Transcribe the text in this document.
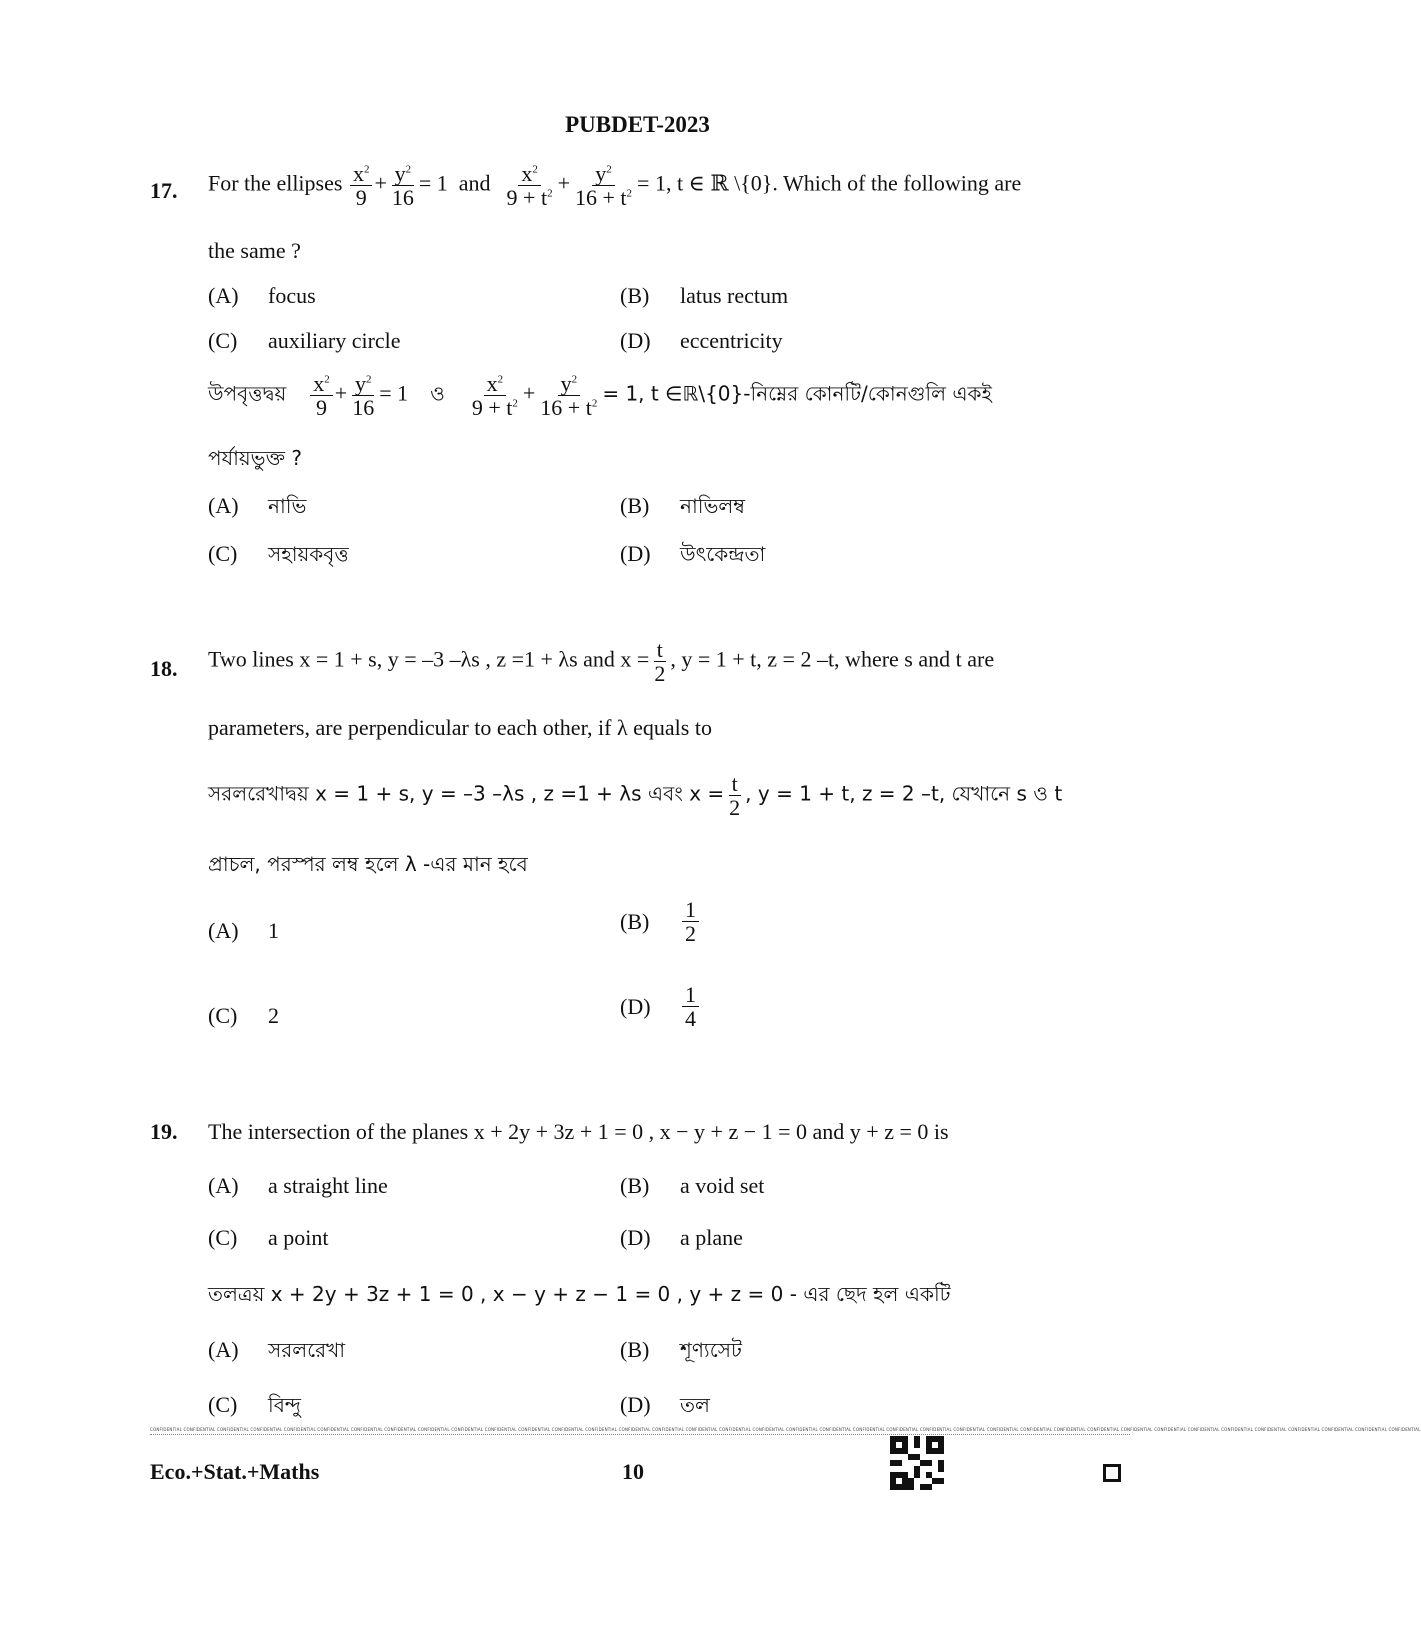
PUBDET-2023
17. For the ellipses $\frac{x^2}{9} + \frac{y^2}{16} = 1$ and $\frac{x^2}{9 + t^2} + \frac{y^2}{16 + t^2} = 1$, t ∈ ℝ \{0}. Which of the following are
the same ?
(A) focus	(B) latus rectum
(C) auxiliary circle	(D) eccentricity
উপবৃত্তদ্বয় $\frac{x^2}{9} + \frac{y^2}{16} = 1$ ও $\frac{x^2}{9 + t^2} + \frac{y^2}{16 + t^2} = 1$, t ∈ℝ\{0}-নিম্নের কোনটি/কোনগুলি একই
পর্যায়ভুক্ত ?
(A) নাভি	(B) নাভিলম্ব
(C) সহায়কবৃত্ত	(D) উৎকেন্দ্রতা
18. Two lines x = 1 + s, y = –3 –λs , z =1 + λs and $x = \frac{t}{2}$ , y = 1 + t, z = 2 –t, where s and t are
parameters, are perpendicular to each other, if λ equals to
সরলরেখাদ্বয় x = 1 + s, y = –3 –λs , z =1 + λs এবং $x = \frac{t}{2}$ , y = 1 + t, z = 2 –t, যেখানে s ও t
প্রাচল, পরস্পর লম্ব হলে λ -এর মান হবে
(A) 1	$(B) \frac{1}{2}$
(C) 2	$(D) \frac{1}{4}$
19. The intersection of the planes x + 2y + 3z + 1 = 0 , x − y + z − 1 = 0 and y + z = 0 is
(A) a straight line	(B) a void set
(C) a point	(D) a plane
তলত্রয় x + 2y + 3z + 1 = 0 , x − y + z − 1 = 0 , y + z = 0 - এর ছেদ হল একটি
(A) সরলরেখা	(B) শূণ্যসেট
(C) বিন্দু	(D) তল
CONFIDENTIAL CONFIDENTIAL CONFIDENTIAL CONFIDENTIAL CONFIDENTIAL CONFIDENTIAL CONFIDENTIAL CONFIDENTIAL CONFIDENTIAL CONFIDENTIAL CONFIDENTIAL CONFIDENTIAL CONFIDENTIAL CONFIDENTIAL CONFIDENTIAL CONFIDENTIAL CONFIDENTIAL CONFIDENTIAL CONFIDENTIAL CONFIDENTIAL CONFIDENTIAL CONFIDENTIAL CONFIDENTIAL CONFIDENTIAL CONFIDENTIAL CONFIDENTIAL CONFIDENTIAL CONFIDENTIAL CONFIDENTIAL CONFIDENTIAL CONFIDENTIAL CONFIDENTIAL CONFIDENTIAL CONFIDENTIAL CONFIDENTIAL CONFIDENTIAL CONFIDENTIAL CONFIDENTIAL
Eco.+Stat.+Maths	10
